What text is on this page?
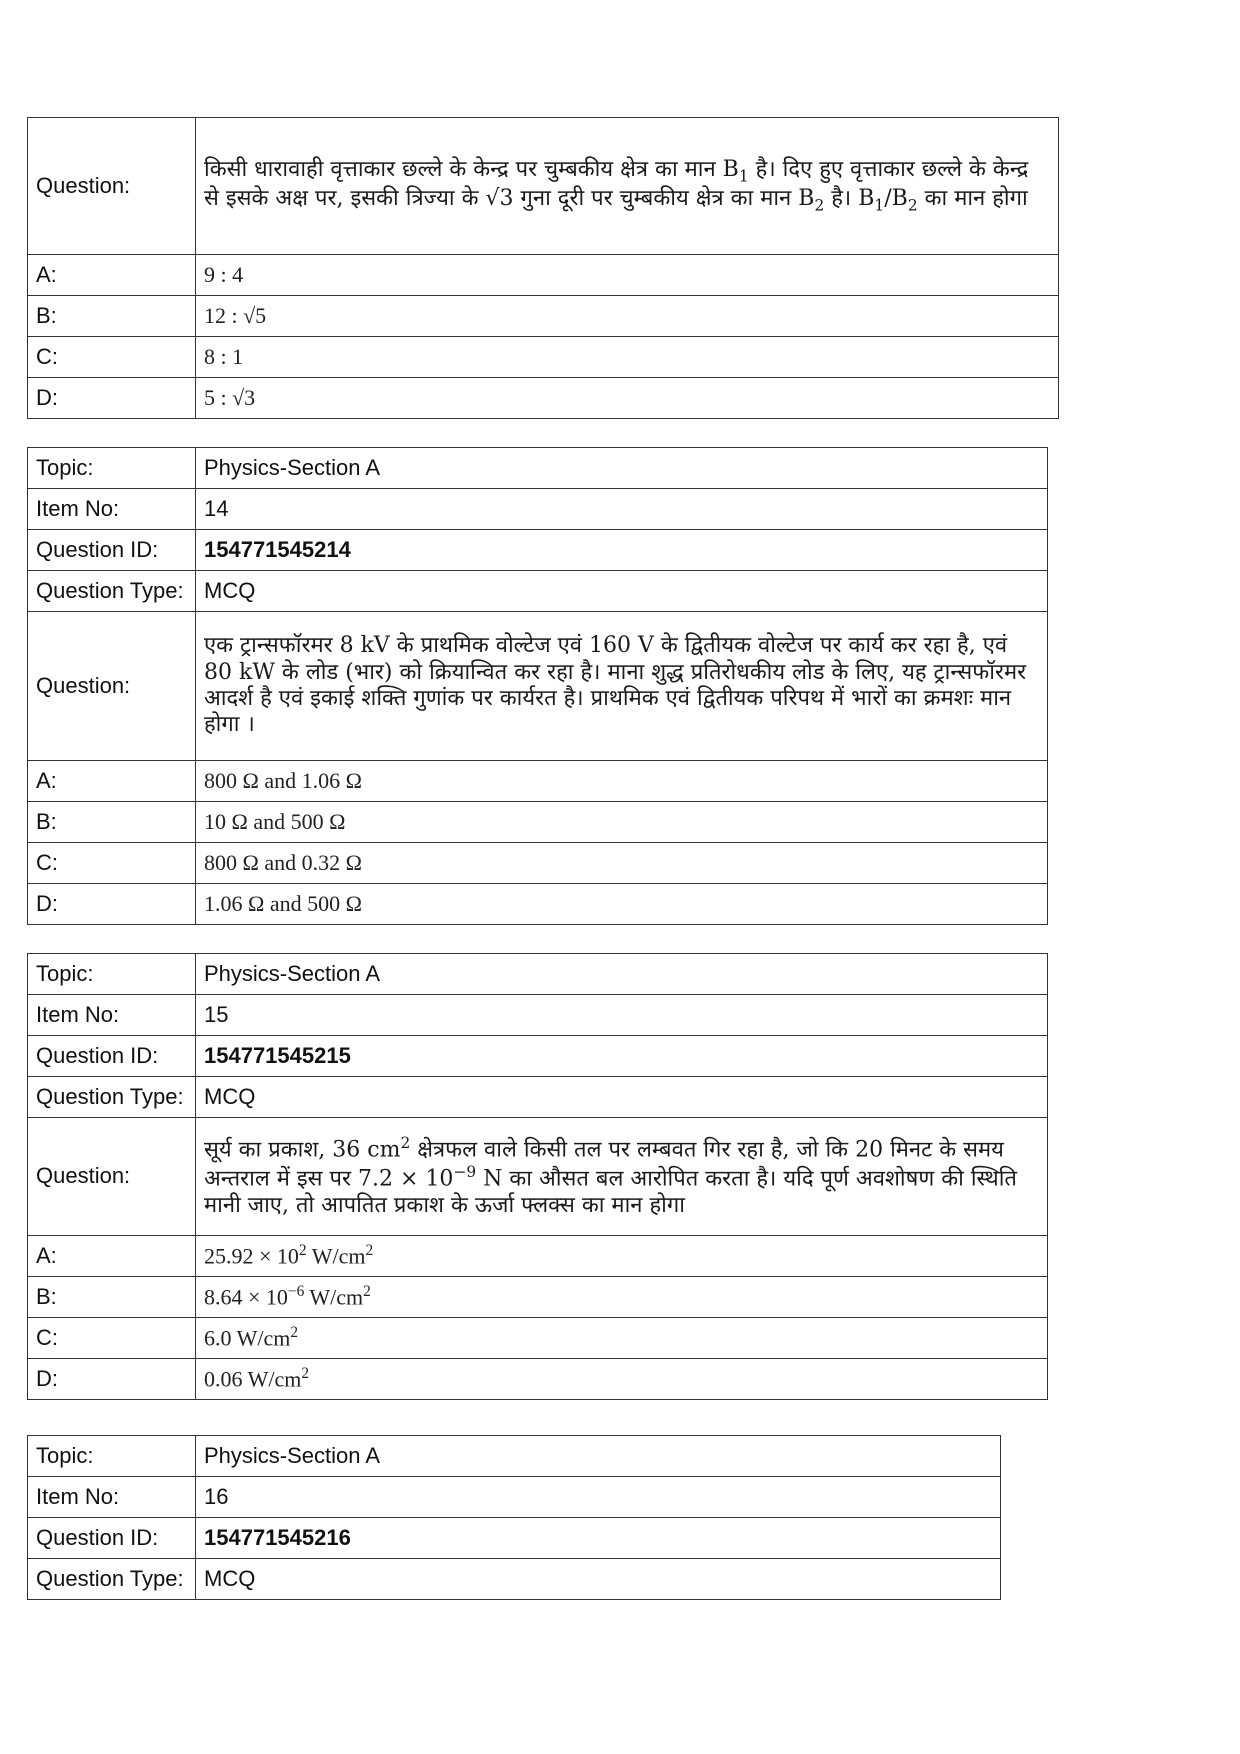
Question:	किसी धारावाही वृत्ताकार छल्ले के केन्द्र पर चुम्बकीय क्षेत्र का मान $B_1$ है। दिए हुए वृत्ताकार छल्ले के केन्द्र से इसके अक्ष पर, इसकी त्रिज्या के √3 गुना दूरी पर चुम्बकीय क्षेत्र का मान $B_2$ है। $B_1/B_2$ का मान होगा
A:	9 : 4
B:	12 : √5
C:	8 : 1
D:	5 : √3
Topic:	Physics-Section A
Item No:	14
Question ID:	154771545214
Question Type:	MCQ
Question:	एक ट्रान्सफॉरमर 8 kV के प्राथमिक वोल्टेज एवं 160 V के द्वितीयक वोल्टेज पर कार्य कर रहा है, एवं 80 kW के लोड (भार) को क्रियान्वित कर रहा है। माना शुद्ध प्रतिरोधकीय लोड के लिए, यह ट्रान्सफॉरमर आदर्श है एवं इकाई शक्ति गुणांक पर कार्यरत है। प्राथमिक एवं द्वितीयक परिपथ में भारों का क्रमशः मान होगा ।
A:	800 Ω and 1.06 Ω
B:	10 Ω and 500 Ω
C:	800 Ω and 0.32 Ω
D:	1.06 Ω and 500 Ω
Topic:	Physics-Section A
Item No:	15
Question ID:	154771545215
Question Type:	MCQ
Question:	सूर्य का प्रकाश, 36 $cm^2$ क्षेत्रफल वाले किसी तल पर लम्बवत गिर रहा है, जो कि 20 मिनट के समय अन्तराल में इस पर $7.2 \times 10^{-9}$ N का औसत बल आरोपित करता है। यदि पूर्ण अवशोषण की स्थिति मानी जाए, तो आपतित प्रकाश के ऊर्जा फ्लक्स का मान होगा
A:	$25.92 \times 10^2$ $W/cm^2$
B:	$8.64 \times 10^{-6}$ $W/cm^2$
C:	6.0 $W/cm^2$
D:	0.06 $W/cm^2$
Topic:	Physics-Section A
Item No:	16
Question ID:	154771545216
Question Type:	MCQ
